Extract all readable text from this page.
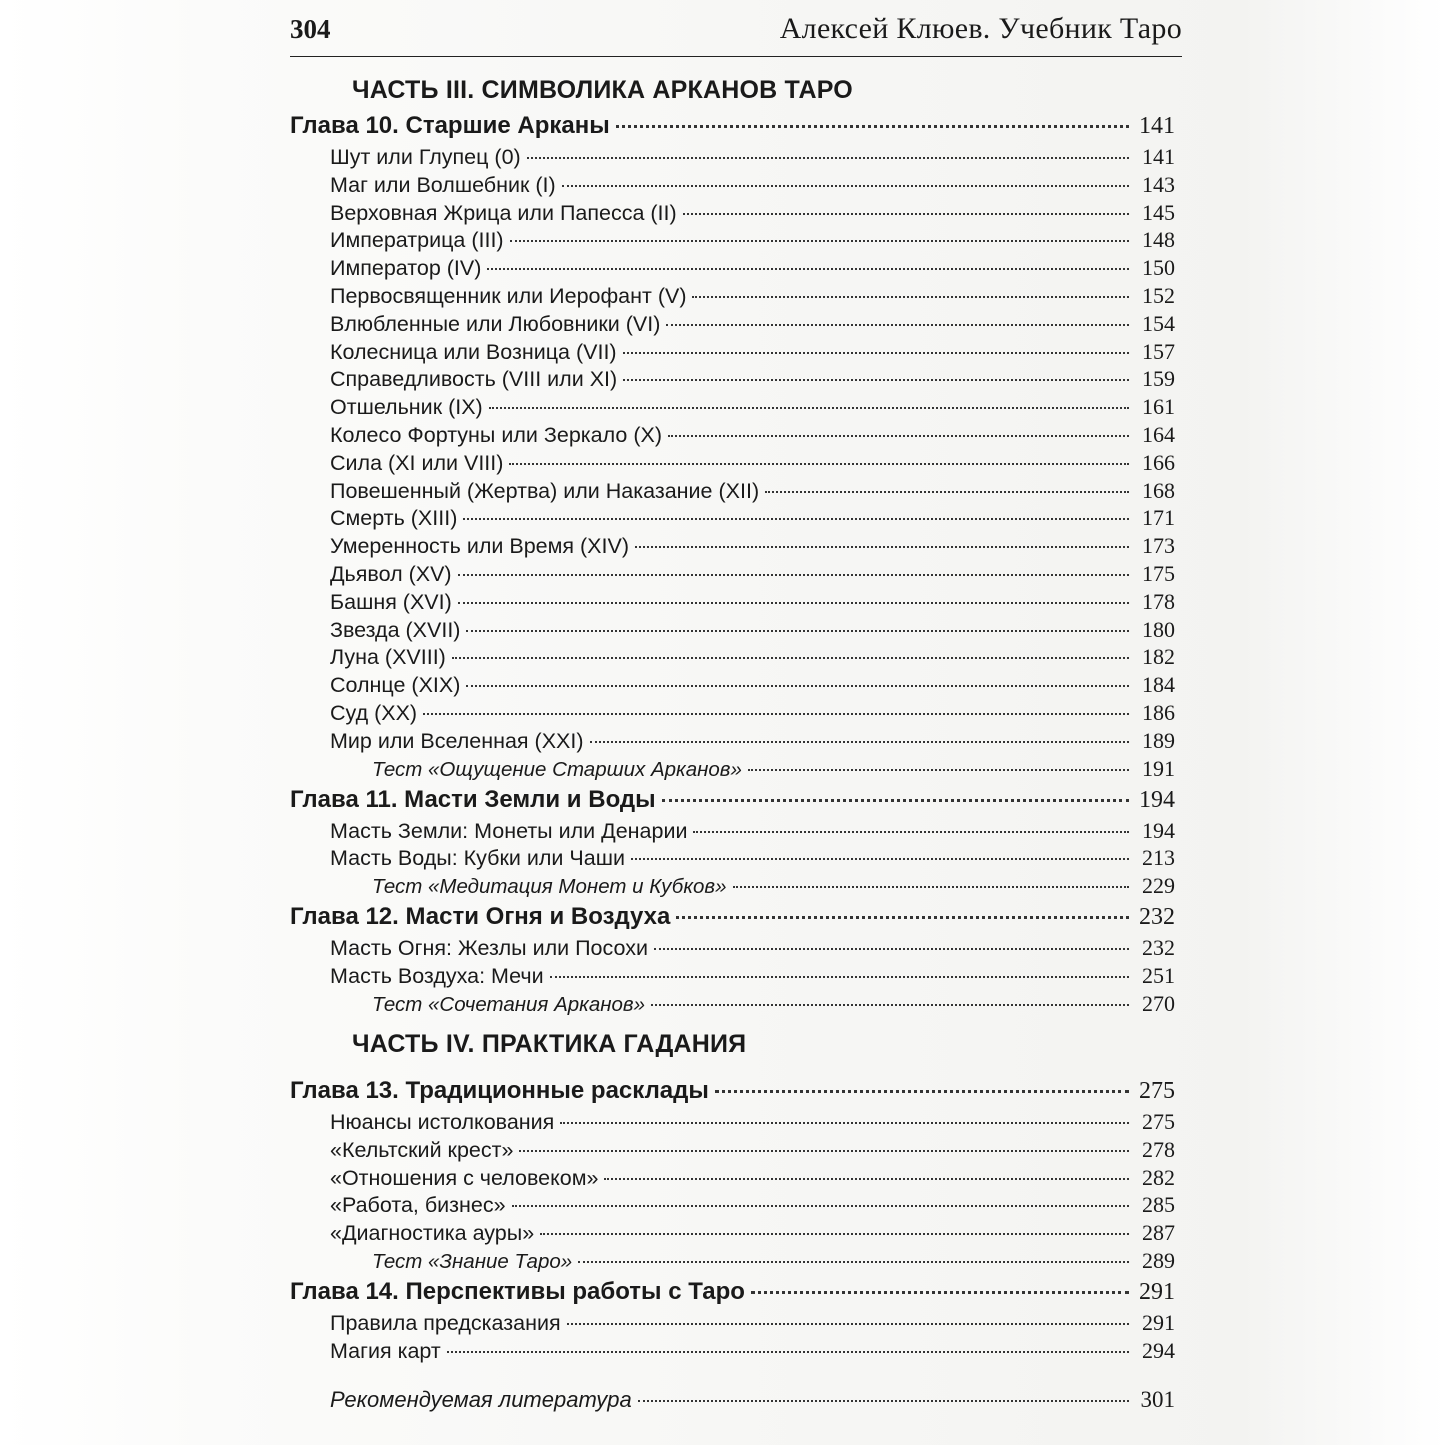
304	Алексей Клюев. Учебник Таро
ЧАСТЬ III. СИМВОЛИКА АРКАНОВ ТАРО
Глава 10. Старшие Арканы	141
Шут или Глупец (0)	141
Маг или Волшебник (I)	143
Верховная Жрица или Папесса (II)	145
Императрица (III)	148
Император (IV)	150
Первосвященник или Иерофант (V)	152
Влюбленные или Любовники (VI)	154
Колесница или Возница (VII)	157
Справедливость (VIII или XI)	159
Отшельник (IX)	161
Колесо Фортуны или Зеркало (X)	164
Сила (XI или VIII)	166
Повешенный (Жертва) или Наказание (XII)	168
Смерть (XIII)	171
Умеренность или Время (XIV)	173
Дьявол (XV)	175
Башня (XVI)	178
Звезда (XVII)	180
Луна (XVIII)	182
Солнце (XIX)	184
Суд (XX)	186
Мир или Вселенная (XXI)	189
Тест «Ощущение Старших Арканов»	191
Глава 11. Масти Земли и Воды	194
Масть Земли: Монеты или Денарии	194
Масть Воды: Кубки или Чаши	213
Тест «Медитация Монет и Кубков»	229
Глава 12. Масти Огня и Воздуха	232
Масть Огня: Жезлы или Посохи	232
Масть Воздуха: Мечи	251
Тест «Сочетания Арканов»	270
ЧАСТЬ IV. ПРАКТИКА ГАДАНИЯ
Глава 13. Традиционные расклады	275
Нюансы истолкования	275
«Кельтский крест»	278
«Отношения с человеком»	282
«Работа, бизнес»	285
«Диагностика ауры»	287
Тест «Знание Таро»	289
Глава 14. Перспективы работы с Таро	291
Правила предсказания	291
Магия карт	294
Рекомендуемая литература	301
